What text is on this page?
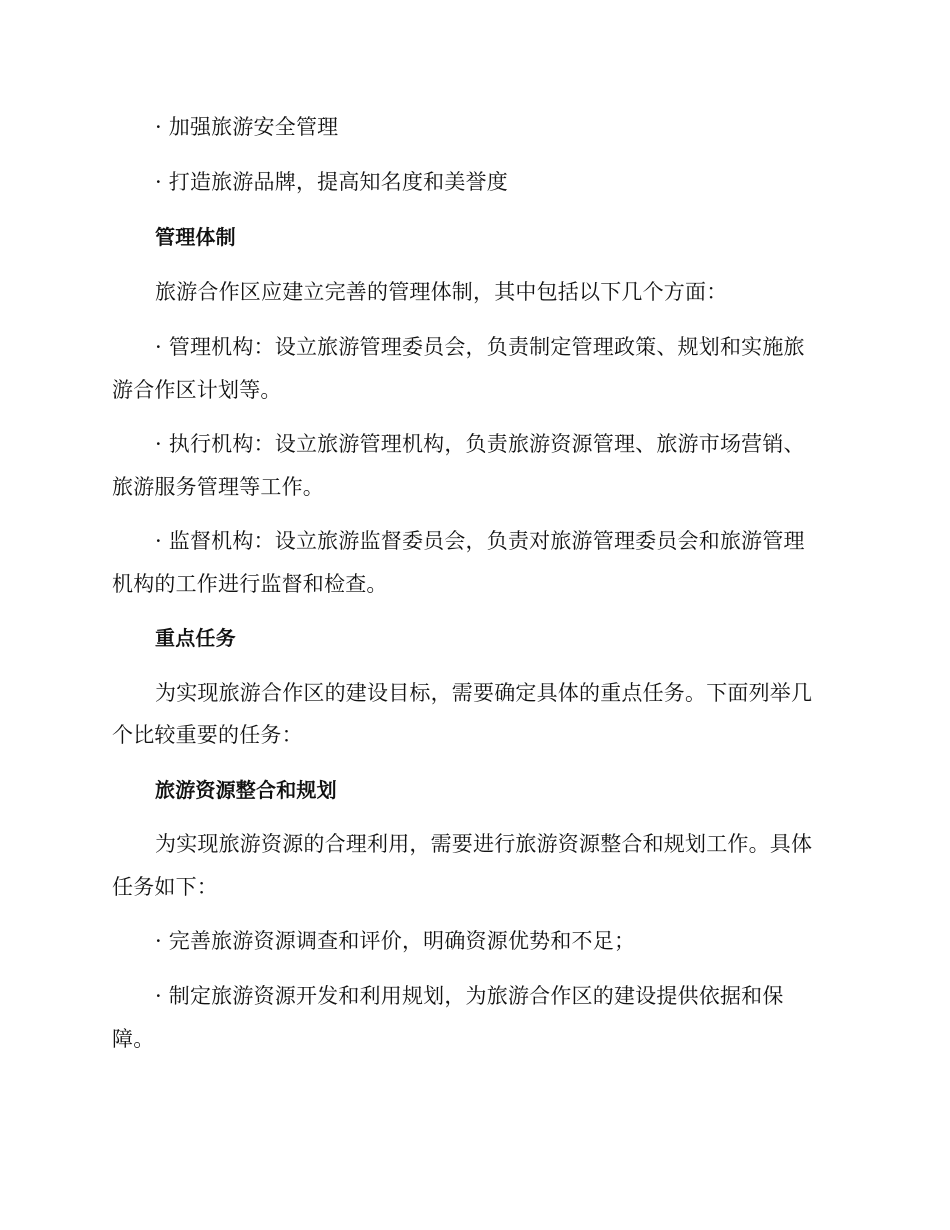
· 加强旅游安全管理
· 打造旅游品牌，提高知名度和美誉度
管理体制
旅游合作区应建立完善的管理体制，其中包括以下几个方面：
· 管理机构：设立旅游管理委员会，负责制定管理政策、规划和实施旅
游合作区计划等。
· 执行机构：设立旅游管理机构，负责旅游资源管理、旅游市场营销、
旅游服务管理等工作。
· 监督机构：设立旅游监督委员会，负责对旅游管理委员会和旅游管理
机构的工作进行监督和检查。
重点任务
为实现旅游合作区的建设目标，需要确定具体的重点任务。下面列举几
个比较重要的任务：
旅游资源整合和规划
为实现旅游资源的合理利用，需要进行旅游资源整合和规划工作。具体
任务如下：
· 完善旅游资源调查和评价，明确资源优势和不足；
· 制定旅游资源开发和利用规划，为旅游合作区的建设提供依据和保
障。
